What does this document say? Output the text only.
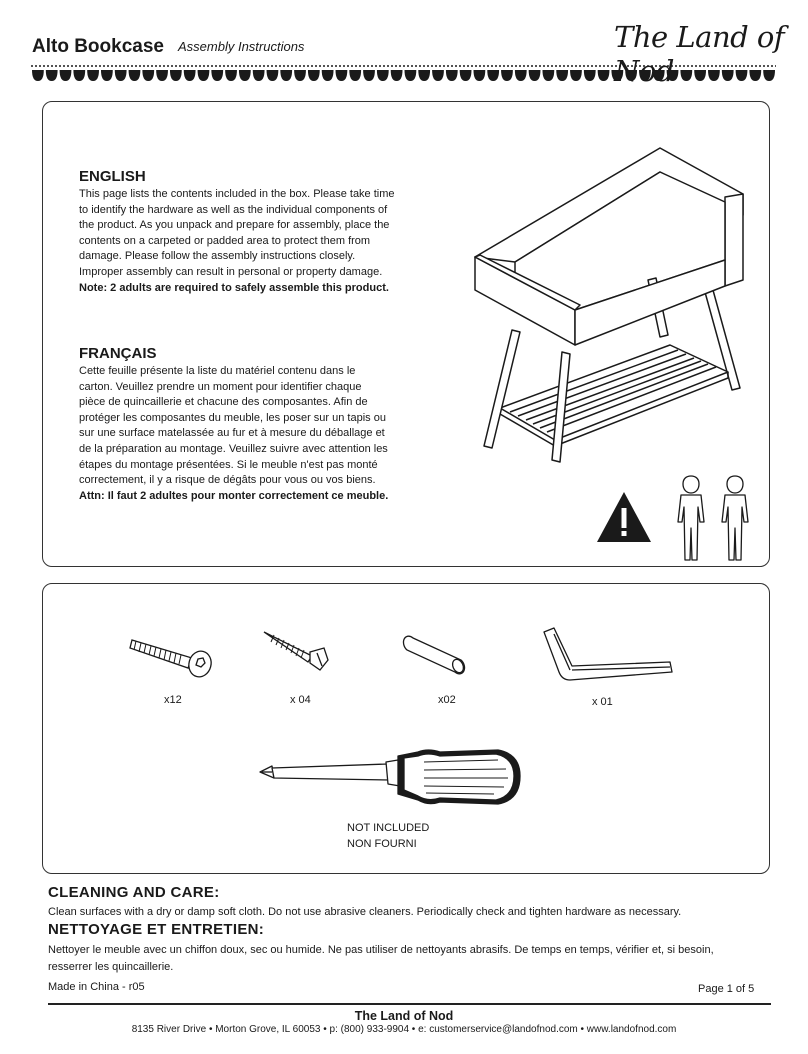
Alto Bookcase Assembly Instructions	The Land of
ENGLISH
This page lists the contents included in the box. Please take time
to identify the hardware as well as the individual components of
the product. As you unpack and prepare for assembly, place the
contents on a carpeted or padded area to protect them from
damage. Please follow the assembly instructions closely.
Improper assembly can result in personal or property damage.
Note: 2 adults are required to safely assemble this product.
FRANÇAIS
Cette feuille présente la liste du matériel contenu dans le
carton. Veuillez prendre un moment pour identifier chaque
pièce de quincaillerie et chacune des composantes. Afin de
protéger les composantes du meuble, les poser sur un tapis ou
sur une surface matelassée au fur et à mesure du déballage et
de la préparation au montage. Veuillez suivre avec attention les
étapes du montage présentées. Si le meuble n'est pas monté
correctement, il y a risque de dégâts pour vous ou vos biens.
Attn: Il faut 2 adultes pour monter correctement ce meuble.
x12	x 04	x02	x 01
NOT INCLUDED
NON FOURNI
CLEANING AND CARE:
Clean surfaces with a dry or damp soft cloth. Do not use abrasive cleaners. Periodically check and tighten hardware as necessary.
NETTOYAGE ET ENTRETIEN:
Nettoyer le meuble avec un chiffon doux, sec ou humide. Ne pas utiliser de nettoyants abrasifs. De temps en temps, vérifier et, si besoin, resserrer les quincaillerie.
Made in China - r05	Page 1 of 5
The Land of Nod
8135 River Drive • Morton Grove, IL 60053 • p: (800) 933-9904 • e: customerservice@landofnod.com • www.landofnod.com
